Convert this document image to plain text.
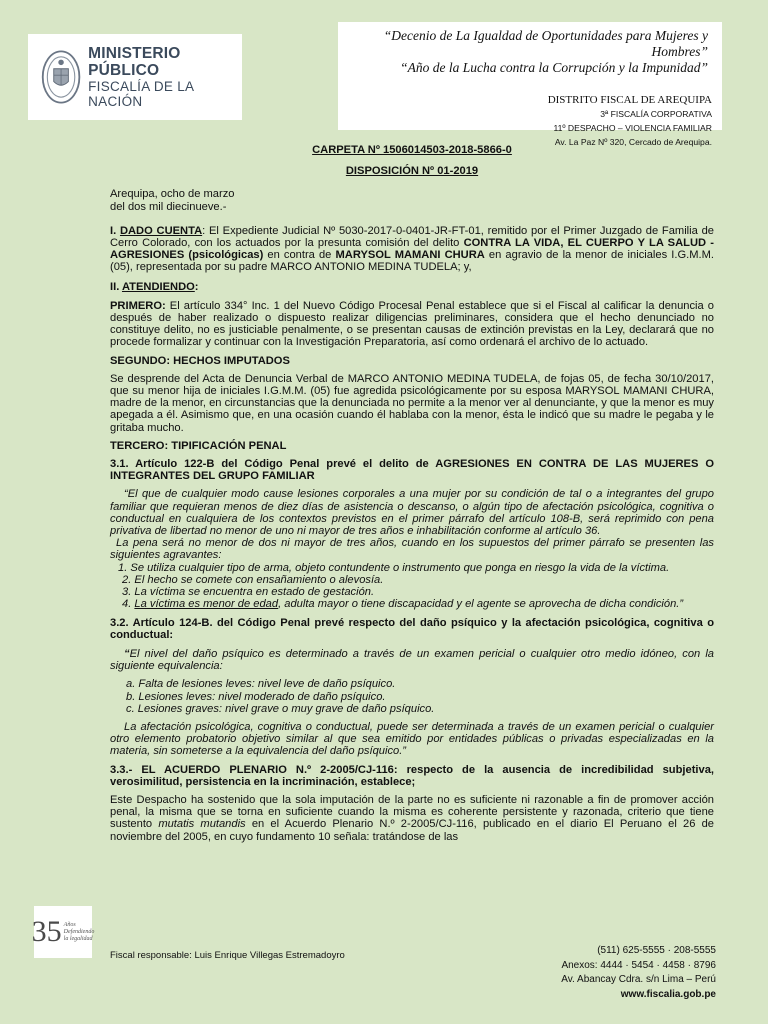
MINISTERIO PÚBLICO
FISCALÍA DE LA NACIÓN
“Decenio de La Igualdad de Oportunidades para Mujeres y Hombres”
“Año de la Lucha contra la Corrupción y la Impunidad”
DISTRITO FISCAL DE AREQUIPA
3ª FISCALÍA CORPORATIVA
11º DESPACHO – VIOLENCIA FAMILIAR
Av. La Paz Nº 320, Cercado de Arequipa.

CARPETA Nº 1506014503-2018-5866-0

DISPOSICIÓN Nº 01-2019

Arequipa, ocho de marzo

del dos mil diecinueve.-

I. DADO CUENTA: El Expediente Judicial Nº 5030-2017-0-0401-JR-FT-01, remitido por el Primer Juzgado de Familia de Cerro Colorado, con los actuados por la presunta comisión del delito CONTRA LA VIDA, EL CUERPO Y LA SALUD - AGRESIONES (psicológicas) en contra de MARYSOL MAMANI CHURA en agravio de la menor de iniciales I.G.M.M. (05), representada por su padre MARCO ANTONIO MEDINA TUDELA; y,

II. ATENDIENDO:

PRIMERO: El artículo 334° Inc. 1 del Nuevo Código Procesal Penal establece que si el Fiscal al calificar la denuncia o después de haber realizado o dispuesto realizar diligencias preliminares, considera que el hecho denunciado no constituye delito, no es justiciable penalmente, o se presentan causas de extinción previstas en la Ley, declarará que no procede formalizar y continuar con la Investigación Preparatoria, así como ordenará el archivo de lo actuado.

SEGUNDO: HECHOS IMPUTADOS

Se desprende del Acta de Denuncia Verbal de MARCO ANTONIO MEDINA TUDELA, de fojas 05, de fecha 30/10/2017, que su menor hija de iniciales I.G.M.M. (05) fue agredida psicológicamente por su esposa MARYSOL MAMANI CHURA, madre de la menor, en circunstancias que la denunciada no permite a la menor ver al denunciante, y que la menor es muy apegada a él. Asimismo que, en una ocasión cuando él hablaba con la menor, ésta le indicó que su madre le pegaba y le gritaba mucho.

TERCERO: TIPIFICACIÓN PENAL

3.1. Artículo 122-B del Código Penal prevé el delito de AGRESIONES EN CONTRA DE LAS MUJERES O INTEGRANTES DEL GRUPO FAMILIAR

“El que de cualquier modo cause lesiones corporales a una mujer por su condición de tal o a integrantes del grupo familiar que requieran menos de diez días de asistencia o descanso, o algún tipo de afectación psicológica, cognitiva o conductual en cualquiera de los contextos previstos en el primer párrafo del artículo 108-B, será reprimido con pena privativa de libertad no menor de uno ni mayor de tres años e inhabilitación conforme al artículo 36.

La pena será no menor de dos ni mayor de tres años, cuando en los supuestos del primer párrafo se presenten las siguientes agravantes:

1. Se utiliza cualquier tipo de arma, objeto contundente o instrumento que ponga en riesgo la vida de la víctima.

2. El hecho se comete con ensañamiento o alevosía.

3. La víctima se encuentra en estado de gestación.

4. La víctima es menor de edad, adulta mayor o tiene discapacidad y el agente se aprovecha de dicha condición.”

3.2. Artículo 124-B. del Código Penal prevé respecto del daño psíquico y la afectación psicológica, cognitiva o conductual:

“El nivel del daño psíquico es determinado a través de un examen pericial o cualquier otro medio idóneo, con la siguiente equivalencia:

a. Falta de lesiones leves: nivel leve de daño psíquico.

b. Lesiones leves: nivel moderado de daño psíquico.

c. Lesiones graves: nivel grave o muy grave de daño psíquico.

La afectación psicológica, cognitiva o conductual, puede ser determinada a través de un examen pericial o cualquier otro elemento probatorio objetivo similar al que sea emitido por entidades públicas o privadas especializadas en la materia, sin someterse a la equivalencia del daño psíquico.”

3.3.- EL ACUERDO PLENARIO N.º 2-2005/CJ-116: respecto de la ausencia de incredibilidad subjetiva, verosimilitud, persistencia en la incriminación, establece;

Este Despacho ha sostenido que la sola imputación de la parte no es suficiente ni razonable a fin de promover acción penal, la misma que se torna en suficiente cuando la misma es coherente persistente y razonada, criterio que tiene sustento mutatis mutandis en el Acuerdo Plenario N.º 2-2005/CJ-116, publicado en el diario El Peruano el 26 de noviembre del 2005, en cuyo fundamento 10 señala: tratándose de las

35 Años
Defendiendo
la legalidad
Fiscal responsable: Luis Enrique Villegas Estremadoyro	(511) 625-5555 · 208-5555
Anexos: 4444 · 5454 · 4458 · 8796
Av. Abancay Cdra. s/n Lima – Perú
www.fiscalia.gob.pe
